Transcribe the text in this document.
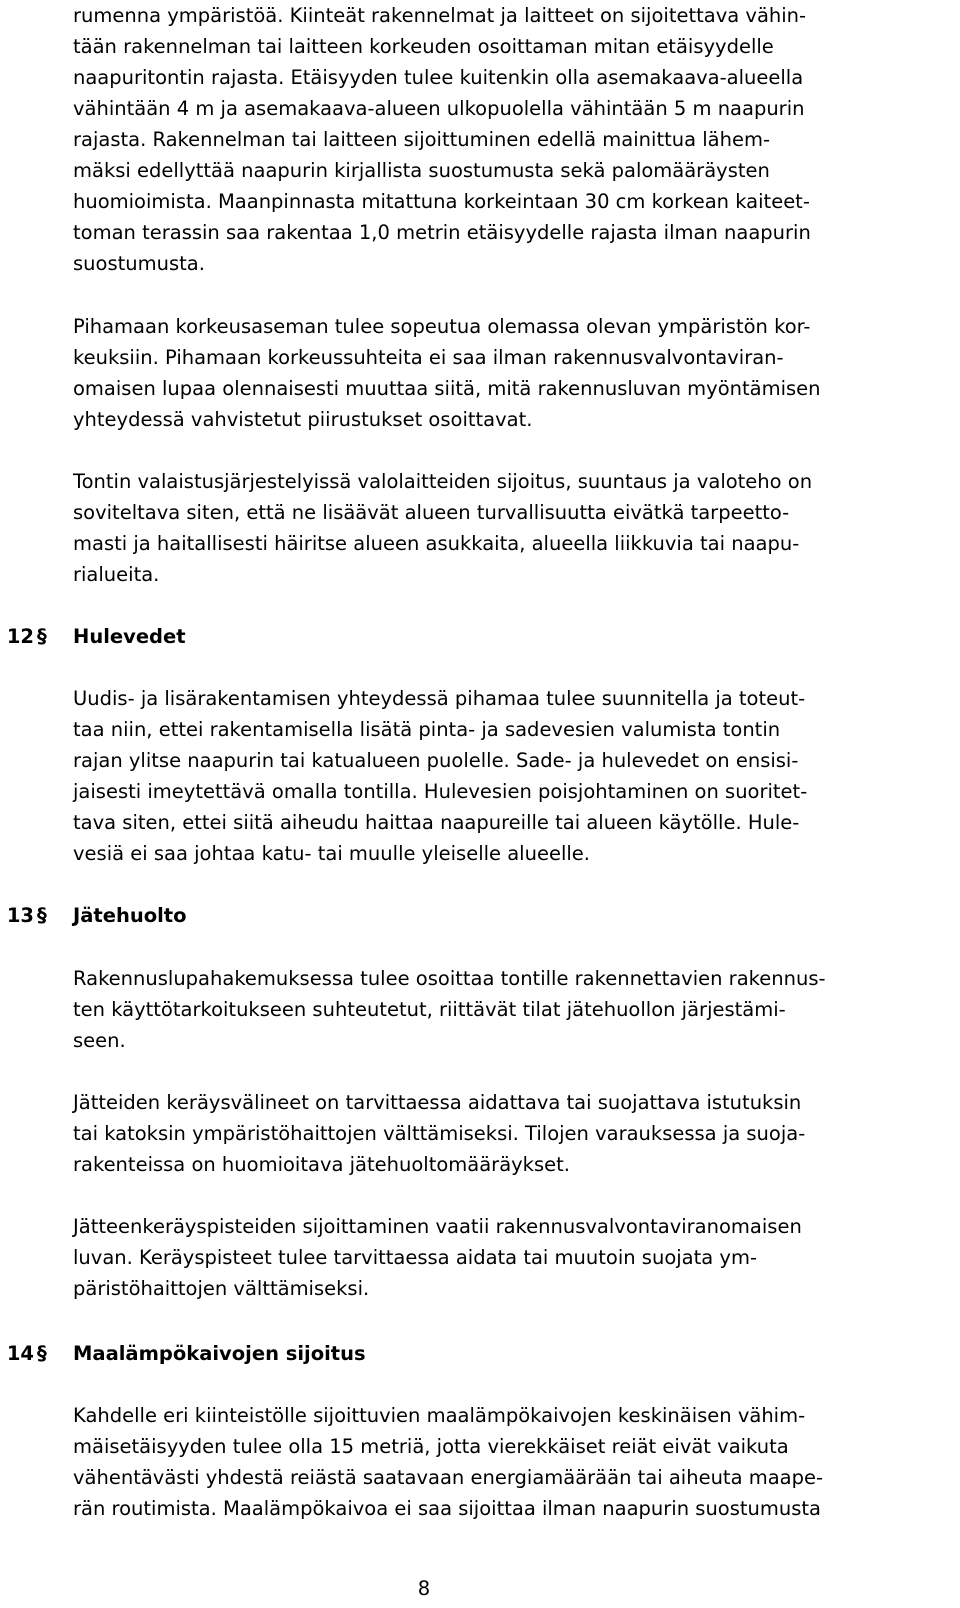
rumenna ympäristöä. Kiinteät rakennelmat ja laitteet on sijoitettava vähin-
tään rakennelman tai laitteen korkeuden osoittaman mitan etäisyydelle
naapuritontin rajasta. Etäisyyden tulee kuitenkin olla asemakaava-alueella
vähintään 4 m ja asemakaava-alueen ulkopuolella vähintään 5 m naapurin
rajasta. Rakennelman tai laitteen sijoittuminen edellä mainittua lähem-
mäksi edellyttää naapurin kirjallista suostumusta sekä palomääräysten
huomioimista. Maanpinnasta mitattuna korkeintaan 30 cm korkean kaiteet-
toman terassin saa rakentaa 1,0 metrin etäisyydelle rajasta ilman naapurin
suostumusta.
Pihamaan korkeusaseman tulee sopeutua olemassa olevan ympäristön kor-
keuksiin. Pihamaan korkeussuhteita ei saa ilman rakennusvalvontaviran-
omaisen lupaa olennaisesti muuttaa siitä, mitä rakennusluvan myöntämisen
yhteydessä vahvistetut piirustukset osoittavat.
Tontin valaistusjärjestelyissä valolaitteiden sijoitus, suuntaus ja valoteho on
soviteltava siten, että ne lisäävät alueen turvallisuutta eivätkä tarpeetto-
masti ja haitallisesti häiritse alueen asukkaita, alueella liikkuvia tai naapu-
rialueita.
12 § Hulevedet
Uudis- ja lisärakentamisen yhteydessä pihamaa tulee suunnitella ja toteut-
taa niin, ettei rakentamisella lisätä pinta- ja sadevesien valumista tontin
rajan ylitse naapurin tai katualueen puolelle. Sade- ja hulevedet on ensisi-
jaisesti imeytettävä omalla tontilla. Hulevesien poisjohtaminen on suoritet-
tava siten, ettei siitä aiheudu haittaa naapureille tai alueen käytölle. Hule-
vesiä ei saa johtaa katu- tai muulle yleiselle alueelle.
13 § Jätehuolto
Rakennuslupahakemuksessa tulee osoittaa tontille rakennettavien rakennus-
ten käyttötarkoitukseen suhteutetut, riittävät tilat jätehuollon järjestämi-
seen.
Jätteiden keräysvälineet on tarvittaessa aidattava tai suojattava istutuksin
tai katoksin ympäristöhaittojen välttämiseksi. Tilojen varauksessa ja suoja-
rakenteissa on huomioitava jätehuoltomääräykset.
Jätteenkeräyspisteiden sijoittaminen vaatii rakennusvalvontaviranomaisen
luvan. Keräyspisteet tulee tarvittaessa aidata tai muutoin suojata ym-
päristöhaittojen välttämiseksi.
14 § Maalämpökaivojen sijoitus
Kahdelle eri kiinteistölle sijoittuvien maalämpökaivojen keskinäisen vähim-
mäisetäisyyden tulee olla 15 metriä, jotta vierekkäiset reiät eivät vaikuta
vähentävästi yhdestä reiästä saatavaan energiamäärään tai aiheuta maape-
rän routimista. Maalämpökaivoa ei saa sijoittaa ilman naapurin suostumusta
8
